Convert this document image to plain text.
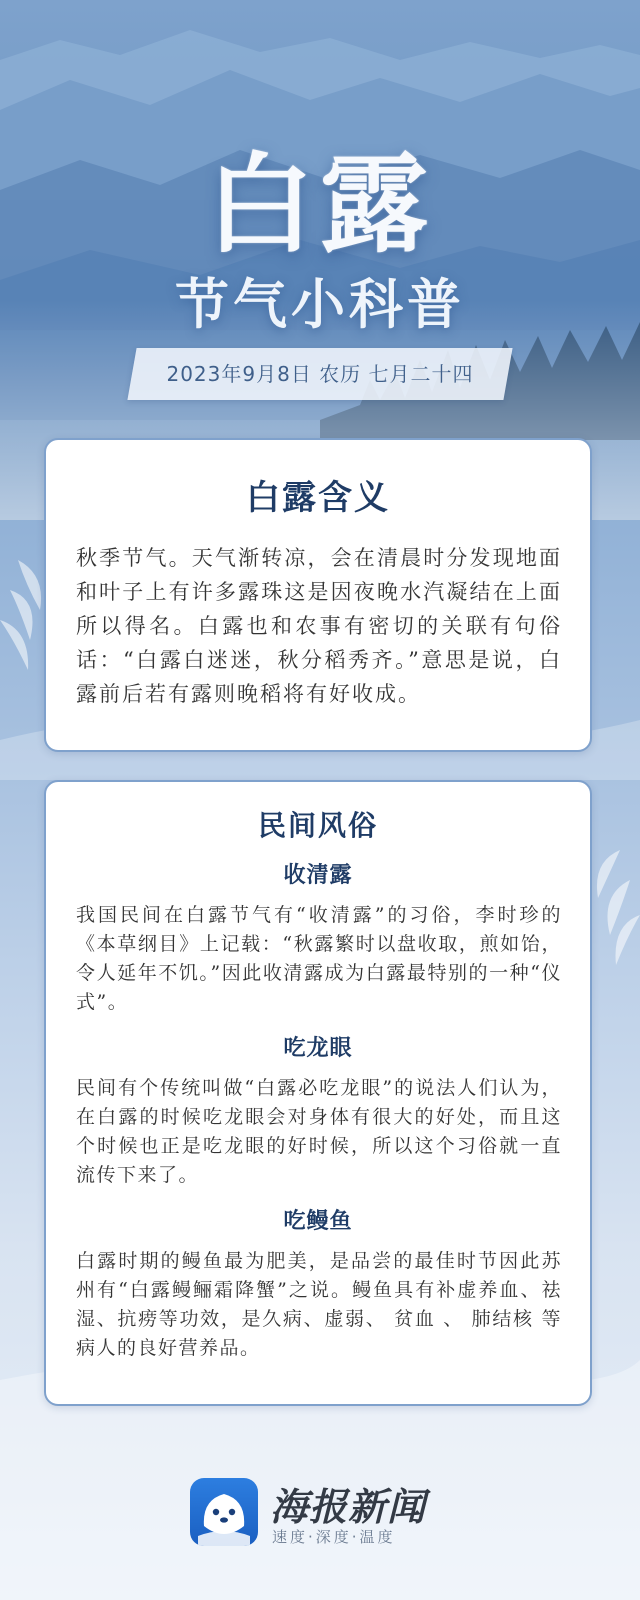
白露
节气小科普
2023年9月8日 农历 七月二十四
白露含义
秋季节气。天气渐转凉，会在清晨时分发现地面和叶子上有许多露珠这是因夜晚水汽凝结在上面所以得名。白露也和农事有密切的关联有句俗话：“白露白迷迷，秋分稻秀齐。”意思是说，白露前后若有露则晚稻将有好收成。
民间风俗
收清露
我国民间在白露节气有“收清露”的习俗，李时珍的《本草纲目》上记载：“秋露繁时以盘收取，煎如饴，令人延年不饥。”因此收清露成为白露最特别的一种“仪式”。
吃龙眼
民间有个传统叫做“白露必吃龙眼”的说法人们认为，在白露的时候吃龙眼会对身体有很大的好处，而且这个时候也正是吃龙眼的好时候，所以这个习俗就一直流传下来了。
吃鳗鱼
白露时期的鳗鱼最为肥美，是品尝的最佳时节因此苏州有“白露鳗鲡霜降蟹”之说。鳗鱼具有补虚养血、祛湿、抗痨等功效，是久病、虚弱、 贫血 、 肺结核 等病人的良好营养品。
海报新闻
速度·深度·温度
